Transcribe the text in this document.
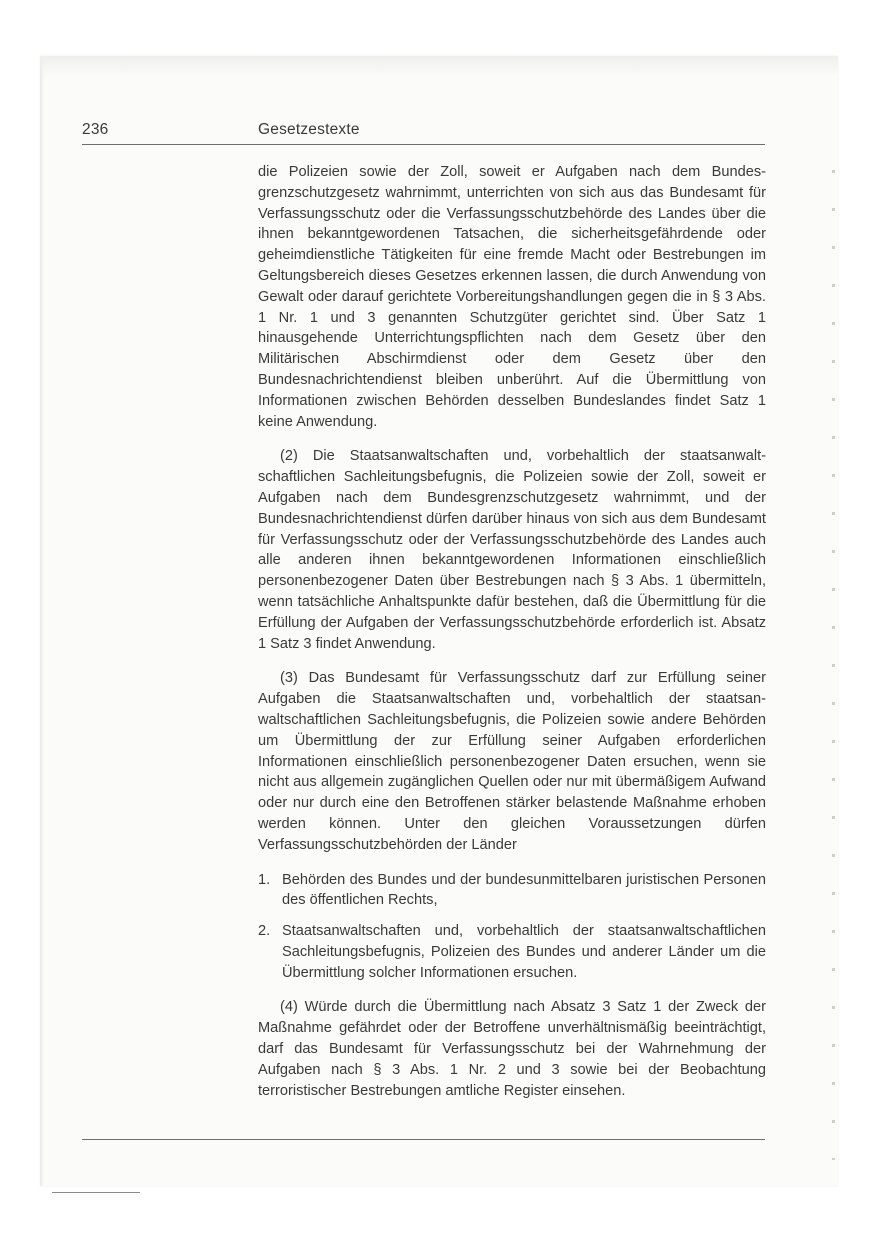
236	Gesetzestexte

die Polizeien sowie der Zoll, soweit er Aufgaben nach dem Bundesgrenzschutzgesetz wahrnimmt, unterrichten von sich aus das Bundesamt für Verfassungsschutz oder die Verfassungsschutzbehörde des Landes über die ihnen bekanntgewordenen Tatsachen, die sicherheitsgefährdende oder geheimdienstliche Tätigkeiten für eine fremde Macht oder Bestrebungen im Geltungsbereich dieses Gesetzes erkennen lassen, die durch Anwendung von Gewalt oder darauf gerichtete Vorbereitungshandlungen gegen die in § 3 Abs. 1 Nr. 1 und 3 genannten Schutzgüter gerichtet sind. Über Satz 1 hinausgehende Unterrichtungspflichten nach dem Gesetz über den Militärischen Abschirmdienst oder dem Gesetz über den Bundesnachrichtendienst bleiben unberührt. Auf die Übermittlung von Informationen zwischen Behörden desselben Bundeslandes findet Satz 1 keine Anwendung.

(2) Die Staatsanwaltschaften und, vorbehaltlich der staatsanwaltschaftlichen Sachleitungsbefugnis, die Polizeien sowie der Zoll, soweit er Aufgaben nach dem Bundesgrenzschutzgesetz wahrnimmt, und der Bundesnachrichtendienst dürfen darüber hinaus von sich aus dem Bundesamt für Verfassungsschutz oder der Verfassungsschutzbehörde des Landes auch alle anderen ihnen bekanntgewordenen Informationen einschließlich personenbezogener Daten über Bestrebungen nach § 3 Abs. 1 übermitteln, wenn tatsächliche Anhaltspunkte dafür bestehen, daß die Übermittlung für die Erfüllung der Aufgaben der Verfassungsschutzbehörde erforderlich ist. Absatz 1 Satz 3 findet Anwendung.

(3) Das Bundesamt für Verfassungsschutz darf zur Erfüllung seiner Aufgaben die Staatsanwaltschaften und, vorbehaltlich der staatsanwaltschaftlichen Sachleitungsbefugnis, die Polizeien sowie andere Behörden um Übermittlung der zur Erfüllung seiner Aufgaben erforderlichen Informationen einschließlich personenbezogener Daten ersuchen, wenn sie nicht aus allgemein zugänglichen Quellen oder nur mit übermäßigem Aufwand oder nur durch eine den Betroffenen stärker belastende Maßnahme erhoben werden können. Unter den gleichen Voraussetzungen dürfen Verfassungsschutzbehörden der Länder

1. Behörden des Bundes und der bundesunmittelbaren juristischen Personen des öffentlichen Rechts,
2. Staatsanwaltschaften und, vorbehaltlich der staatsanwaltschaftlichen Sachleitungsbefugnis, Polizeien des Bundes und anderer Länder um die Übermittlung solcher Informationen ersuchen.

(4) Würde durch die Übermittlung nach Absatz 3 Satz 1 der Zweck der Maßnahme gefährdet oder der Betroffene unverhältnismäßig beeinträchtigt, darf das Bundesamt für Verfassungsschutz bei der Wahrnehmung der Aufgaben nach § 3 Abs. 1 Nr. 2 und 3 sowie bei der Beobachtung terroristischer Bestrebungen amtliche Register einsehen.
